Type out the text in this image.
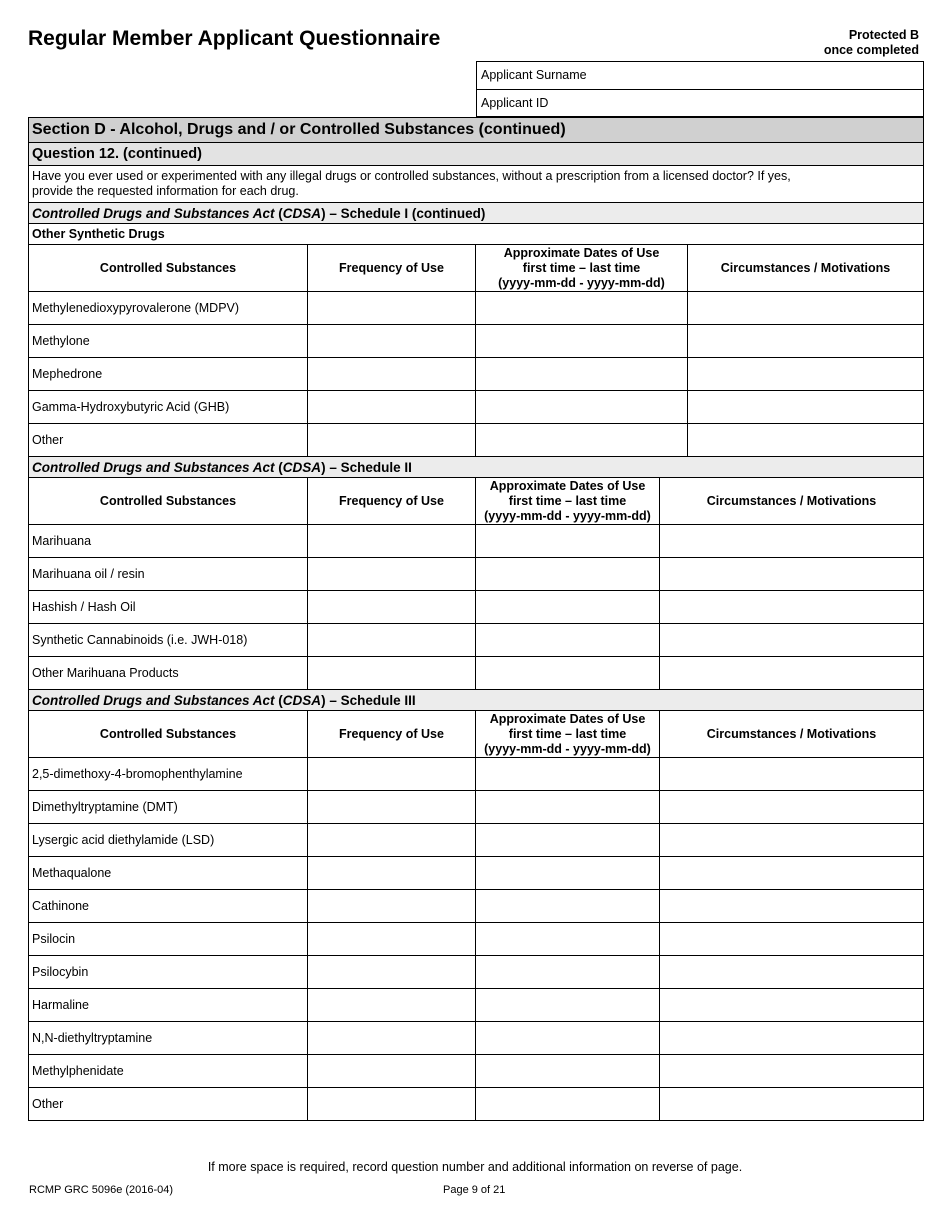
Regular Member Applicant Questionnaire	Protected B
once completed
Applicant Surname
Applicant ID
Section D - Alcohol, Drugs and / or Controlled Substances (continued)				
Question 12. (continued)				

Have you ever used or experimented with any illegal drugs or controlled substances, without a prescription from a licensed doctor? If yes,
provide the requested information for each drug.				

Controlled Drugs and Substances Act (CDSA) – Schedule I (continued)				
Other Synthetic Drugs				
Controlled Substances	Frequency of Use	Approximate Dates of Use
first time – last time
(yyyy-mm-dd - yyyy-mm-dd)		Circumstances / Motivations
Methylenedioxypyrovalerone (MDPV)				
Methylone				
Mephedrone				
Gamma-Hydroxybutyric Acid (GHB)				
Other				
Controlled Drugs and Substances Act (CDSA) – Schedule II				
Controlled Substances	Frequency of Use	Approximate Dates of Use
first time – last time
(yyyy-mm-dd - yyyy-mm-dd)	Circumstances / Motivations	
Marihuana				
Marihuana oil / resin				
Hashish / Hash Oil				
Synthetic Cannabinoids (i.e. JWH-018)				
Other Marihuana Products				
Controlled Drugs and Substances Act (CDSA) – Schedule III				
Controlled Substances	Frequency of Use	Approximate Dates of Use
first time – last time
(yyyy-mm-dd - yyyy-mm-dd)	Circumstances / Motivations	
2,5-dimethoxy-4-bromophenthylamine				
Dimethyltryptamine (DMT)				
Lysergic acid diethylamide (LSD)				
Methaqualone				
Cathinone				
Psilocin				
Psilocybin				
Harmaline				
N,N-diethyltryptamine				
Methylphenidate				
Other				
If more space is required, record question number and additional information on reverse of page.
RCMP GRC 5096e (2016-04)	Page 9 of 21
